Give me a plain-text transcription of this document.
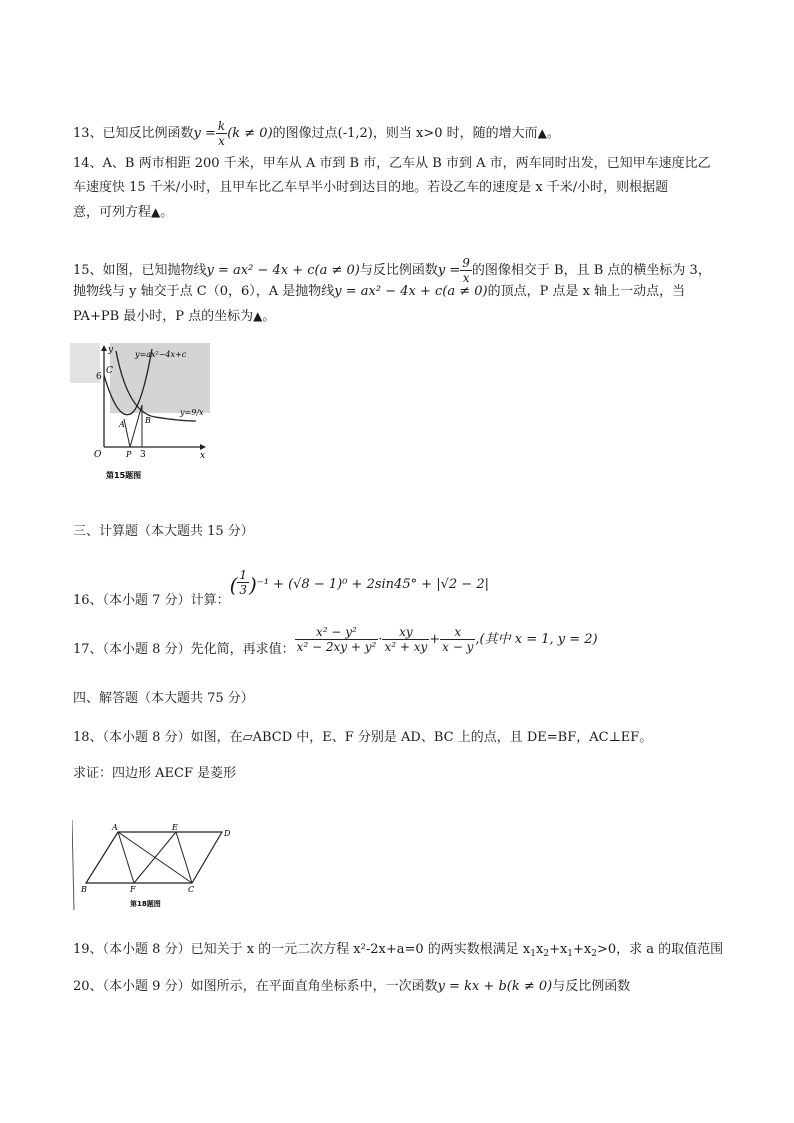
13、已知反比例函数$y = \frac{k}{x} (k \ne 0)$的图像过点(-1,2)，则当 x>0 时，随的增大而▲。
14、A、B 两市相距 200 千米，甲车从 A 市到 B 市，乙车从 B 市到 A 市，两车同时出发，已知甲车速度比乙
车速度快 15 千米/小时，且甲车比乙车早半小时到达目的地。若设乙车的速度是 x 千米/小时，则根据题
意，可列方程▲。
15、如图，已知抛物线y = ax² − 4x + c(a ≠ 0)与反比例函数$y = \frac{9}{x}$ 的图像相交于 B，且 B 点的横坐标为 3，
抛物线与 y 轴交于点 C（0，6），A 是抛物线y = ax² − 4x + c(a ≠ 0)的顶点，P 点是 x 轴上一动点，当
PA+PB 最小时，P 点的坐标为▲。
y=ax²−4x+c
y=9/x
y
x
O
6
C
A	B
P 3
第15题图
三、计算题（本大题共 15 分）
16、（本小题 7 分）计算：( $\frac{1}{3} )^{-1} + (√8 - 1)^0 + 2\sin 45^\circ + |√2 - 2|$
17、（本小题 8 分）先化简，再求值： $\frac{\text{x² − y²}}{\text{x² − 2xy + y²}} \cdot \frac{xy}{\text{x² + xy}} + \frac{x}{x - y}$ ,(其中 x = 1, y = 2)
四、解答题（本大题共 75 分）
18、（本小题 8 分）如图，在▱ABCD 中，E、F 分别是 AD、BC 上的点，且 DE=BF，AC⊥EF。
求证：四边形 AECF 是菱形
A	E
D
B	F	C
第18题图
19、（本小题 8 分）已知关于 x 的一元二次方程 x²-2x+a=0 的两实数根满足 $x_1x_2+x_1+x_2>0$，求 a 的取值范围
20、（本小题 9 分）如图所示，在平面直角坐标系中，一次函数y = kx + b(k ≠ 0)与反比例函数
